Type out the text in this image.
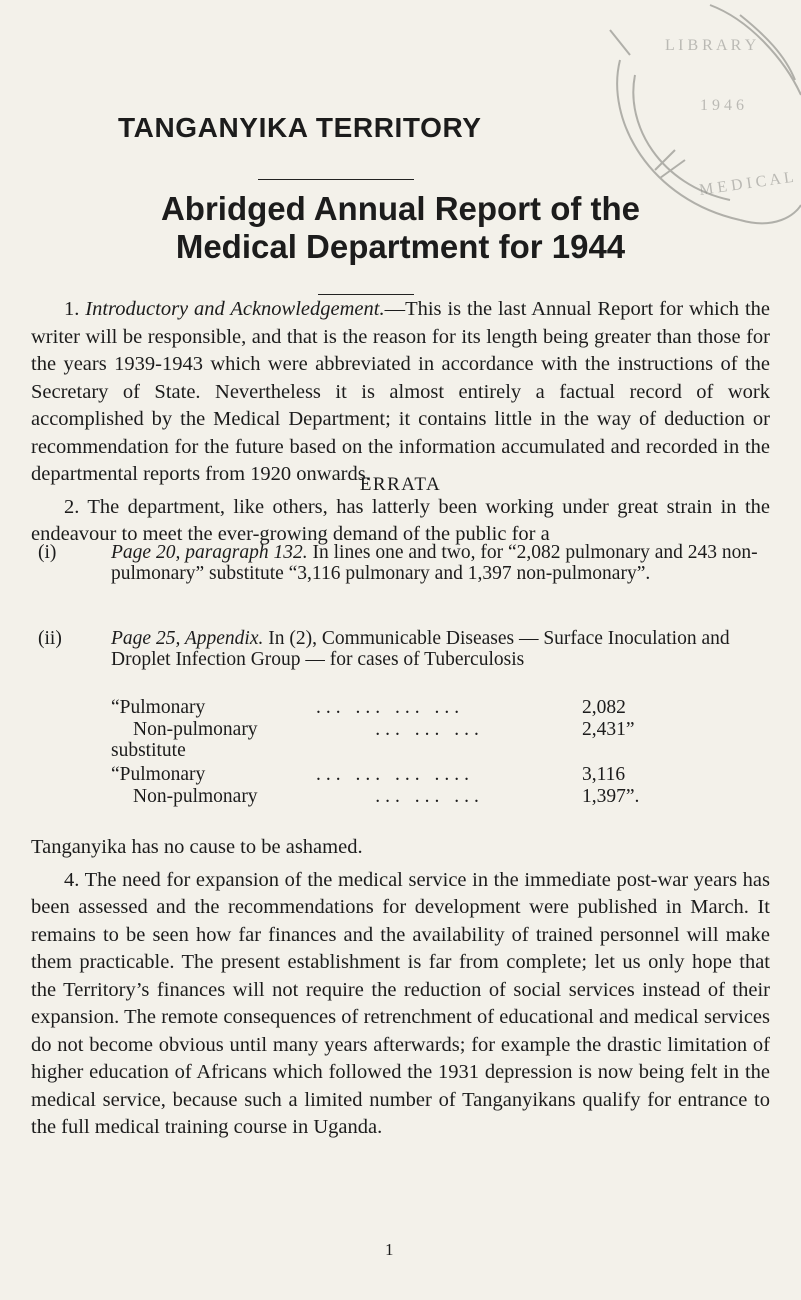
L I B R A R Y
1 9 4 6
M E D I C A L
TANGANYIKA TERRITORY
Abridged Annual Report of the
Medical Department for 1944

1. Introductory and Acknowledgement.—This is the last Annual Report for which the writer will be responsible, and that is the reason for its length being greater than those for the years 1939-1943 which were abbreviated in accordance with the instructions of the Secretary of State. Nevertheless it is almost entirely a factual record of work accomplished by the Medical Department; it contains little in the way of deduction or recommendation for the future based on the information accumulated and recorded in the departmental reports from 1920 onwards.

2. The department, like others, has latterly been working under great strain in the endeavour to meet the ever-growing demand of the public for a

ERRATA

(i)	Page 20, paragraph 132. In lines one and two, for “2,082 pulmonary and 243 non-pulmonary” substitute “3,116 pulmonary and 1,397 non-pulmonary”.
(ii)	Page 25, Appendix. In (2), Communicable Diseases — Surface Inoculation and Droplet Infection Group — for cases of Tuberculosis
“Pulmonary	... ... ... ...	2,082
Non-pulmonary	... ... ...	2,431”

substitute

“Pulmonary	... ... ... ....	3,116
Non-pulmonary	... ... ...	1,397”.

Tanganyika has no cause to be ashamed.

4. The need for expansion of the medical service in the immediate post-war years has been assessed and the recommendations for development were published in March. It remains to be seen how far finances and the availability of trained personnel will make them practicable. The present establishment is far from complete; let us only hope that the Territory’s finances will not require the reduction of social services instead of their expansion. The remote consequences of retrenchment of educational and medical services do not become obvious until many years afterwards; for example the drastic limitation of higher education of Africans which followed the 1931 depression is now being felt in the medical service, because such a limited number of Tanganyikans qualify for entrance to the full medical training course in Uganda.

1
